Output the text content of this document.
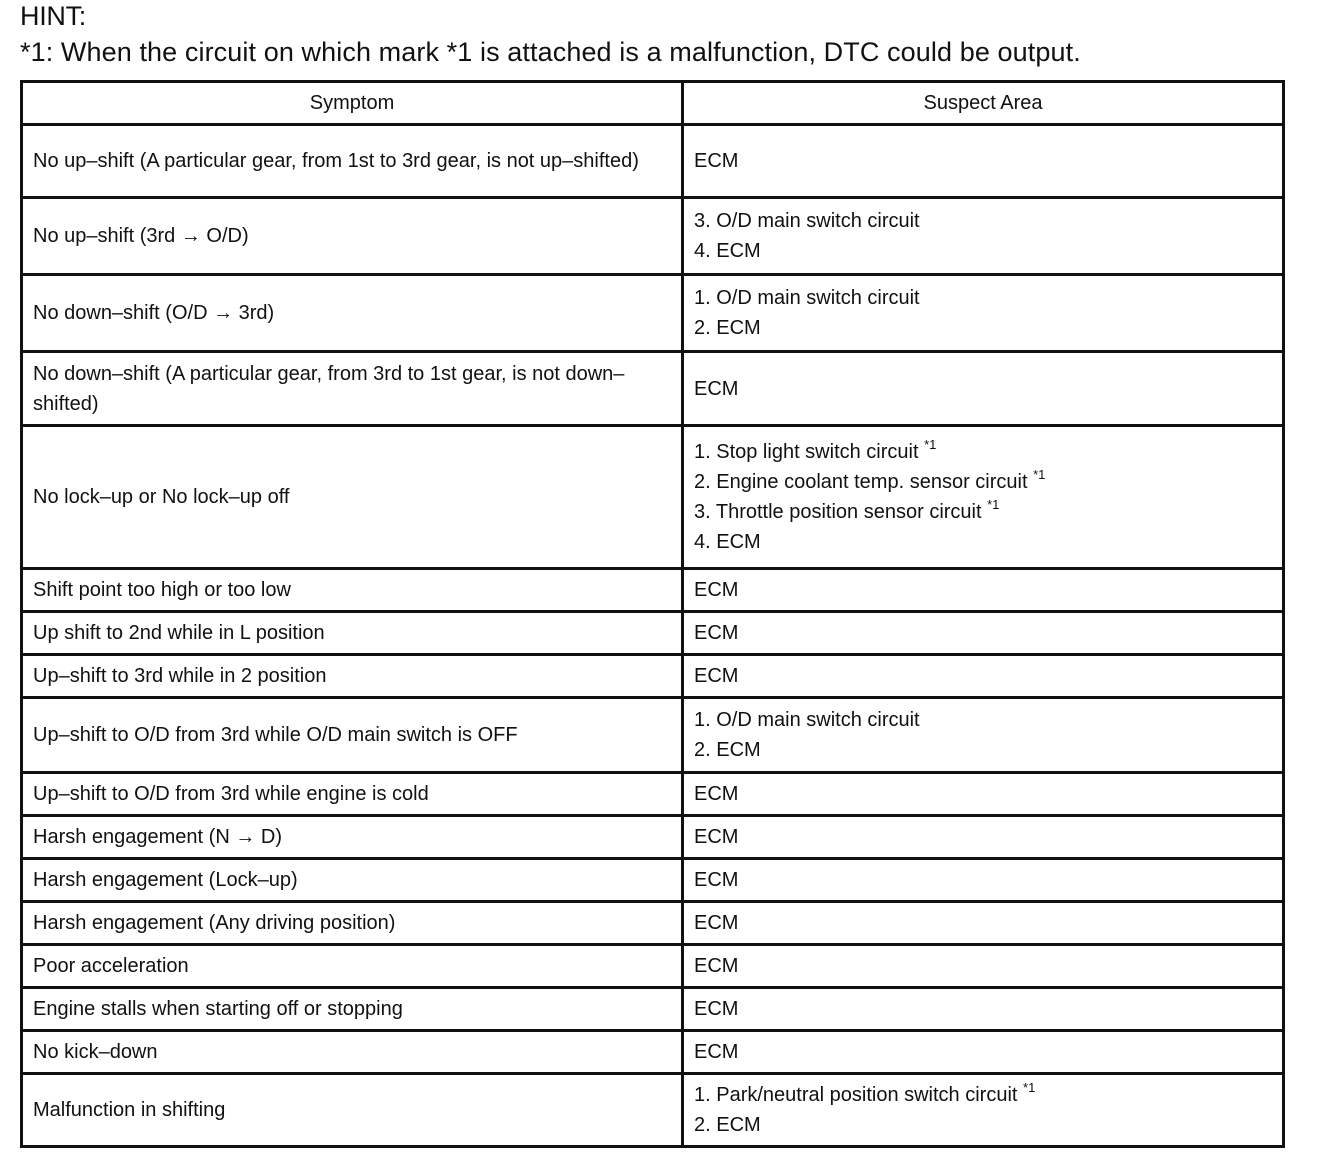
HINT:
*1: When the circuit on which mark *1 is attached is a malfunction, DTC could be output.
Symptom	Suspect Area

No up–shift (A particular gear, from 1st to 3rd gear, is not up–shifted)	ECM

No up–shift (3rd → O/D)	3. O/D main switch circuit
4. ECM

No down–shift (O/D → 3rd)	1. O/D main switch circuit
2. ECM

No down–shift (A particular gear, from 3rd to 1st gear, is not down–shifted)	ECM

No lock–up or No lock–up off	1. Stop light switch circuit $^{*1}$
2. Engine coolant temp. sensor circuit $^{*1}$
3. Throttle position sensor circuit $^{*1}$
4. ECM

Shift point too high or too low	ECM

Up shift to 2nd while in L position	ECM

Up–shift to 3rd while in 2 position	ECM

Up–shift to O/D from 3rd while O/D main switch is OFF	1. O/D main switch circuit
2. ECM

Up–shift to O/D from 3rd while engine is cold	ECM

Harsh engagement (N → D)	ECM

Harsh engagement (Lock–up)	ECM

Harsh engagement (Any driving position)	ECM

Poor acceleration	ECM

Engine stalls when starting off or stopping	ECM

No kick–down	ECM

Malfunction in shifting	1. Park/neutral position switch circuit $^{*1}$
2. ECM
